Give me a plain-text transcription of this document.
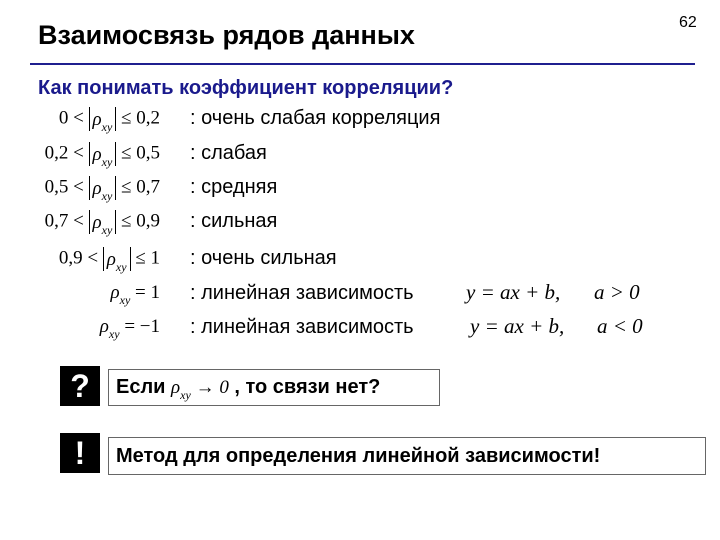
Взаимосвязь рядов данных	62
Как понимать коэффициент корреляции?
$0 < \rho_{xy} \le 0,2$ : очень слабая корреляция
$0,2 < \rho_{xy} \le 0,5$ : слабая
$0,5 < \rho_{xy} \le 0,7$ : средняя
$0,7 < \rho_{xy} \le 0,9$ : сильная
$0,9 < \rho_{xy} \le 1$ : очень сильная
$\rho_{xy} = 1$ : линейная зависимость y = ax + b, a > 0
$\rho_{xy} = -1$ : линейная зависимость	y = ax + b, a < 0
?	Если $\rho_{xy} \to 0$ , то связи нет?
!	Метод для определения линейной зависимости!
